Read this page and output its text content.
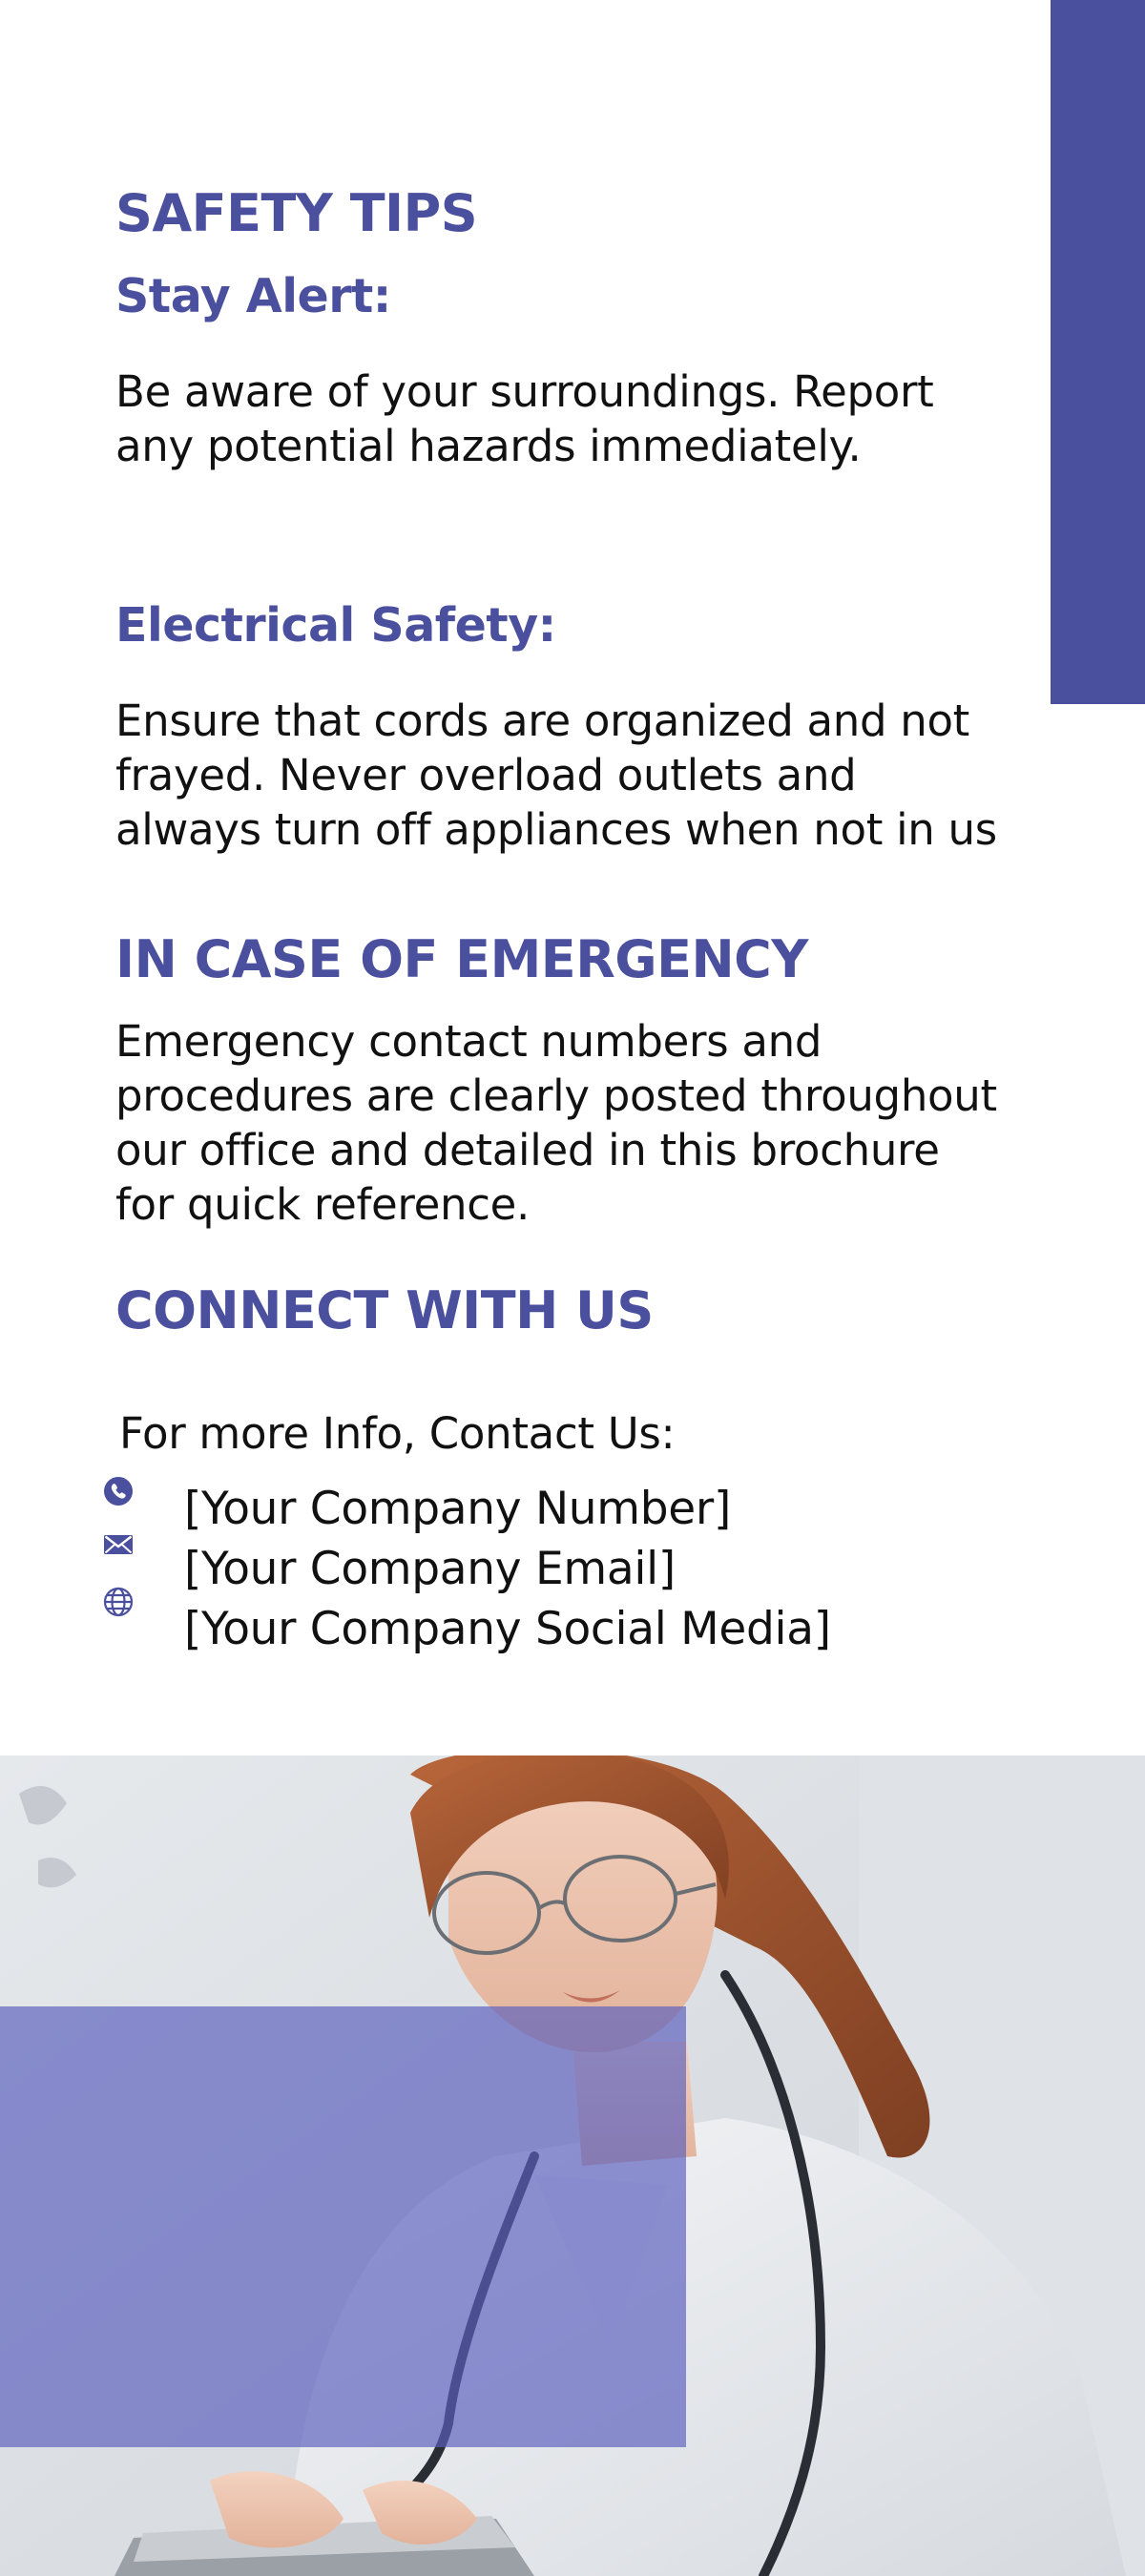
SAFETY TIPS
Stay Alert:

Be aware of your surroundings. Report any potential hazards immediately.

Electrical Safety:

Ensure that cords are organized and not frayed. Never overload outlets and always turn off appliances when not in us

IN CASE OF EMERGENCY

Emergency contact numbers and procedures are clearly posted throughout our office and detailed in this brochure for quick reference.

CONNECT WITH US

For more Info, Contact Us:

[Your Company Number]
[Your Company Email]
[Your Company Social Media]
